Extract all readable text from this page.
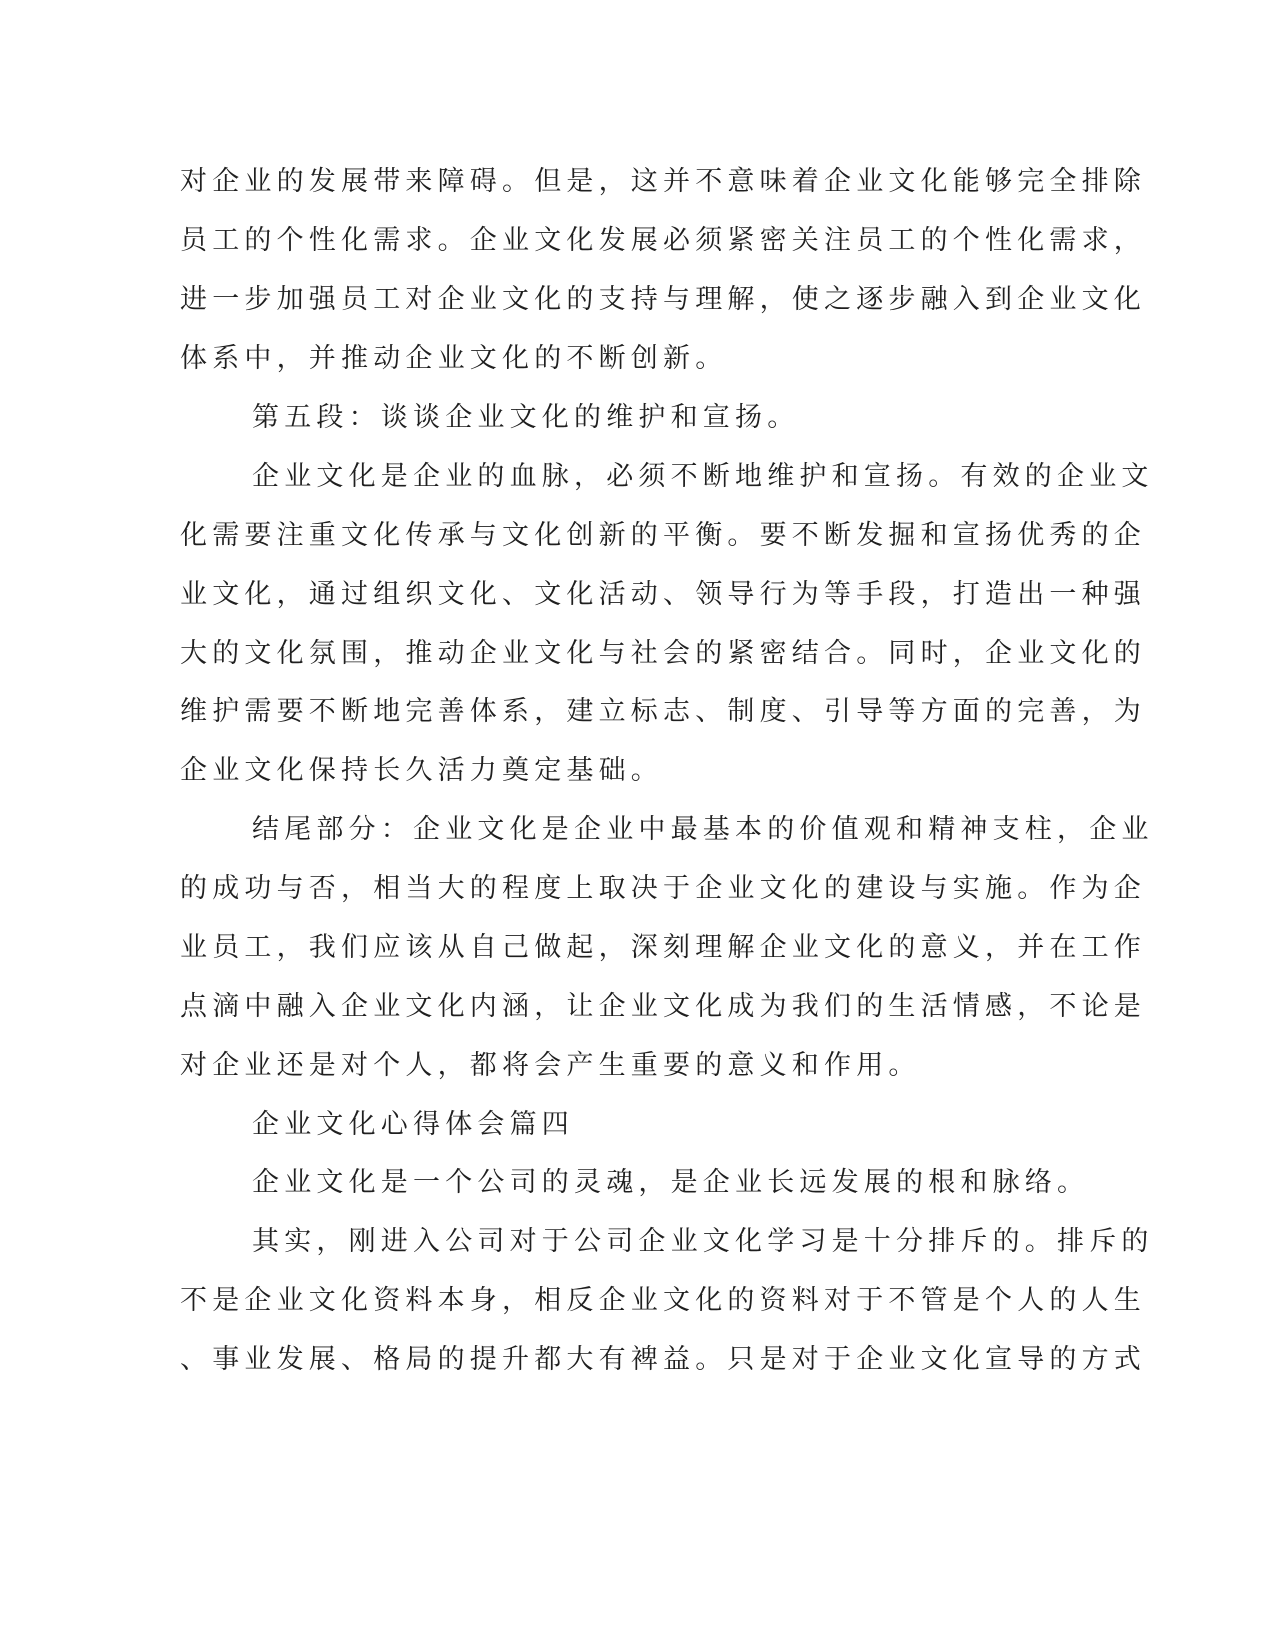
对企业的发展带来障碍。但是，这并不意味着企业文化能够完全排除
员工的个性化需求。企业文化发展必须紧密关注员工的个性化需求，
进一步加强员工对企业文化的支持与理解，使之逐步融入到企业文化
体系中，并推动企业文化的不断创新。
第五段：谈谈企业文化的维护和宣扬。
企业文化是企业的血脉，必须不断地维护和宣扬。有效的企业文
化需要注重文化传承与文化创新的平衡。要不断发掘和宣扬优秀的企
业文化，通过组织文化、文化活动、领导行为等手段，打造出一种强
大的文化氛围，推动企业文化与社会的紧密结合。同时，企业文化的
维护需要不断地完善体系，建立标志、制度、引导等方面的完善，为
企业文化保持长久活力奠定基础。
结尾部分：企业文化是企业中最基本的价值观和精神支柱，企业
的成功与否，相当大的程度上取决于企业文化的建设与实施。作为企
业员工，我们应该从自己做起，深刻理解企业文化的意义，并在工作
点滴中融入企业文化内涵，让企业文化成为我们的生活情感，不论是
对企业还是对个人，都将会产生重要的意义和作用。
企业文化心得体会篇四
企业文化是一个公司的灵魂，是企业长远发展的根和脉络。
其实，刚进入公司对于公司企业文化学习是十分排斥的。排斥的
不是企业文化资料本身，相反企业文化的资料对于不管是个人的人生
、事业发展、格局的提升都大有裨益。只是对于企业文化宣导的方式
